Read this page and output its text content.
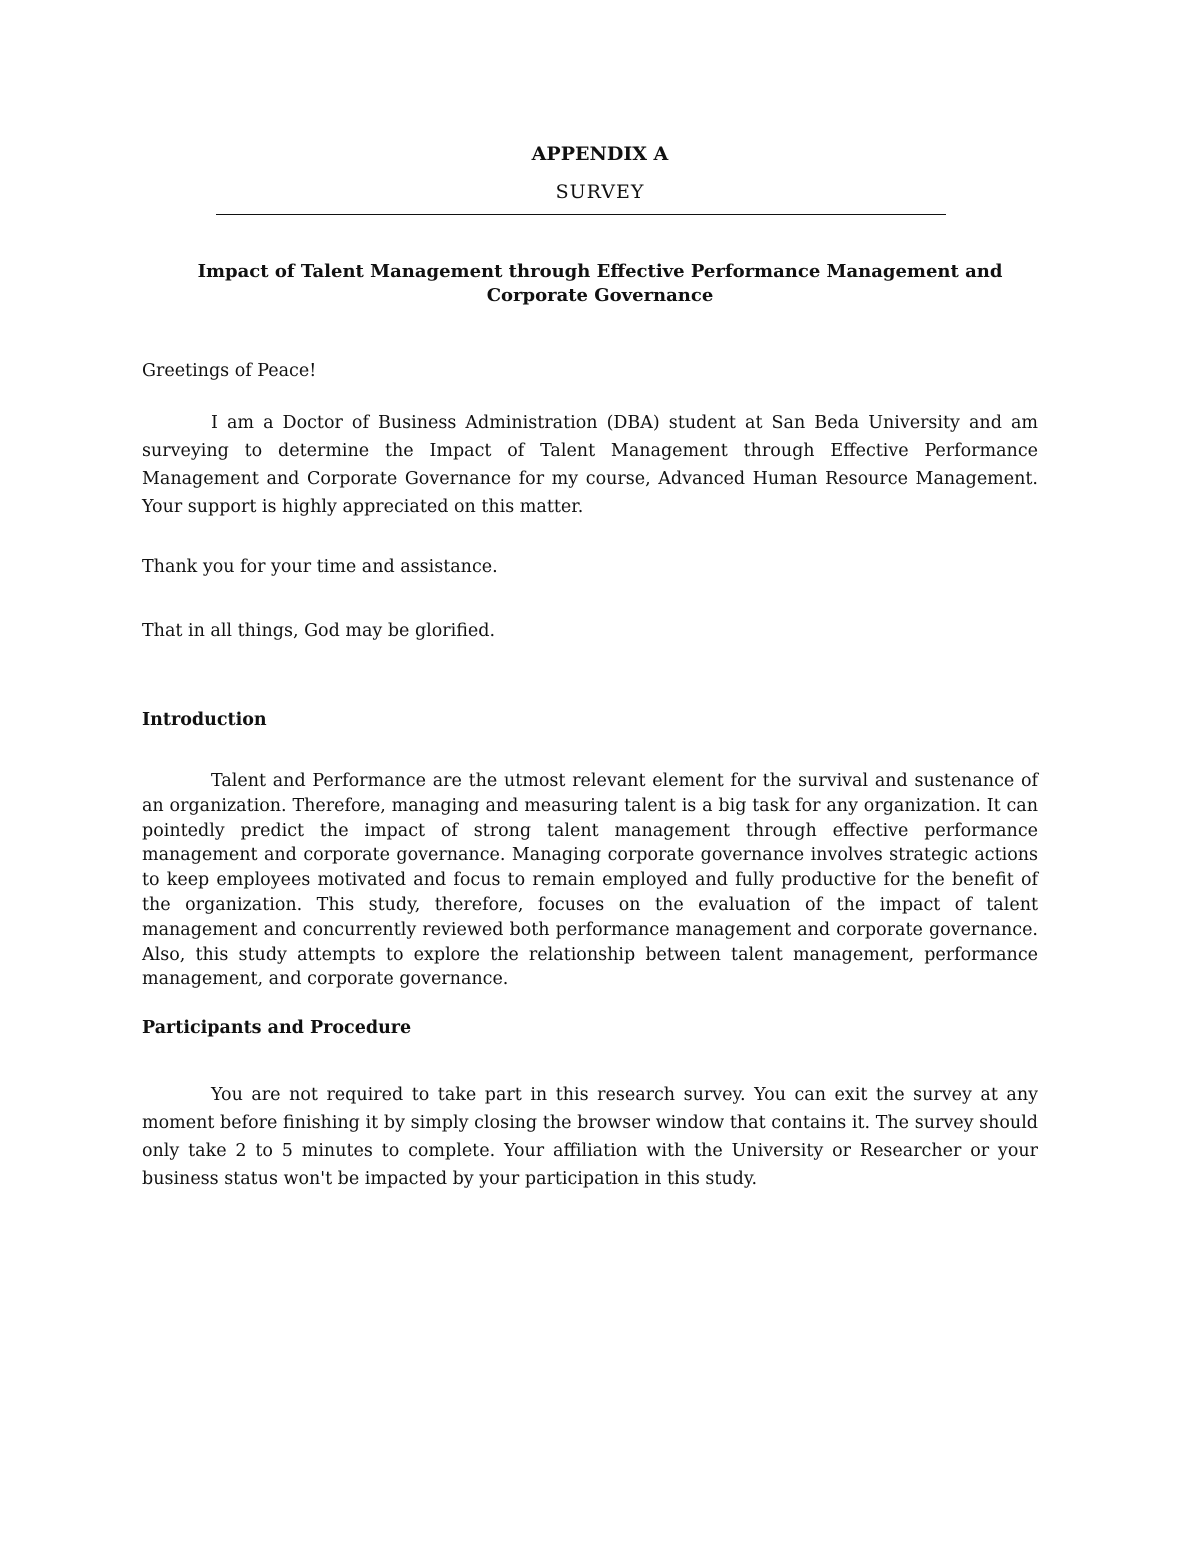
APPENDIX A
SURVEY
Impact of Talent Management through Effective Performance Management and Corporate Governance
Greetings of Peace!
I am a Doctor of Business Administration (DBA) student at San Beda University and am surveying to determine the Impact of Talent Management through Effective Performance Management and Corporate Governance for my course, Advanced Human Resource Management. Your support is highly appreciated on this matter.
Thank you for your time and assistance.
That in all things, God may be glorified.
Introduction
Talent and Performance are the utmost relevant element for the survival and sustenance of an organization. Therefore, managing and measuring talent is a big task for any organization. It can pointedly predict the impact of strong talent management through effective performance management and corporate governance. Managing corporate governance involves strategic actions to keep employees motivated and focus to remain employed and fully productive for the benefit of the organization. This study, therefore, focuses on the evaluation of the impact of talent management and concurrently reviewed both performance management and corporate governance. Also, this study attempts to explore the relationship between talent management, performance management, and corporate governance.
Participants and Procedure
You are not required to take part in this research survey. You can exit the survey at any moment before finishing it by simply closing the browser window that contains it. The survey should only take 2 to 5 minutes to complete. Your affiliation with the University or Researcher or your business status won't be impacted by your participation in this study.
